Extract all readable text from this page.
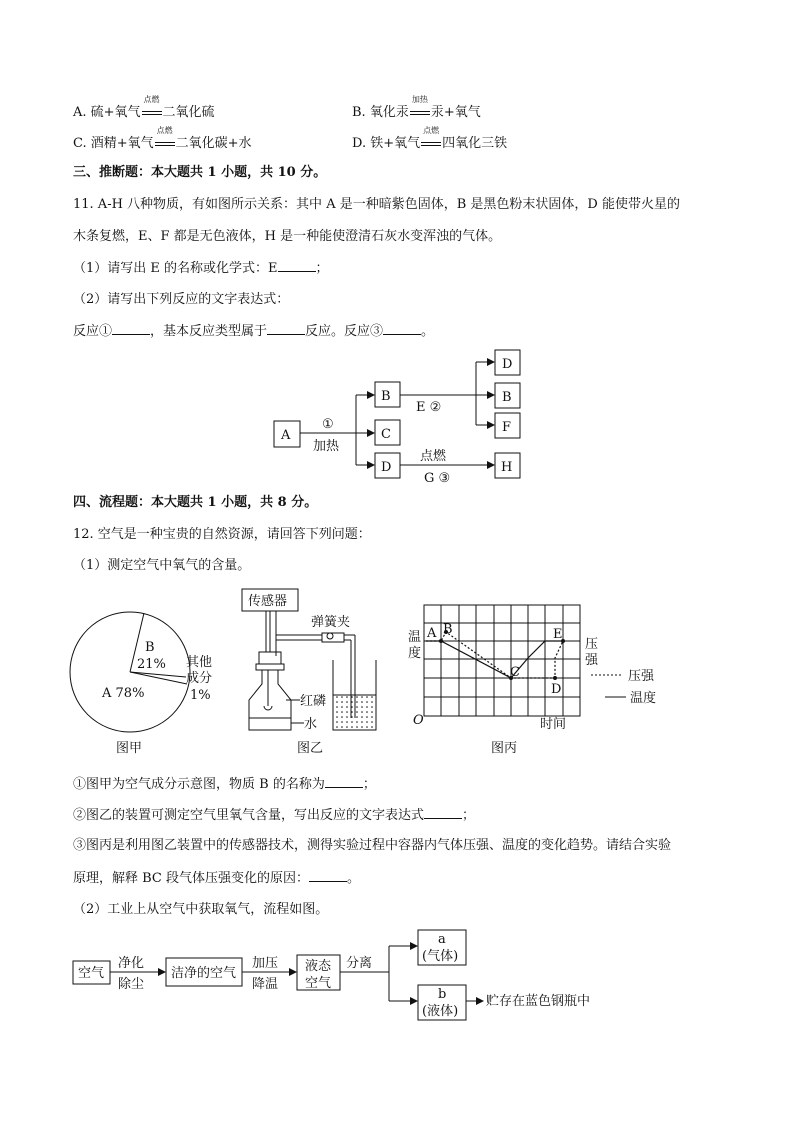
A. 硫+氧气
点燃
二氧化硫	B. 氧化汞
加热
汞+氧气
C. 酒精+氧气
点燃
二氧化碳+水	D. 铁+氧气
点燃
四氧化三铁
三、推断题：本大题共 1 小题，共 10 分。
11. A-H 八种物质，有如图所示关系：其中 A 是一种暗紫色固体，B 是黑色粉末状固体，D 能使带火星的
木条复燃，E、F 都是无色液体，H 是一种能使澄清石灰水变浑浊的气体。
（1）请写出 E 的名称或化学式：E	；
（2）请写出下列反应的文字表达式：
反应①	，基本反应类型属于	反应。反应③	。
A
B
C
D
D
B
F
H
①
加热
E ②
点燃
G ③
四、流程题：本大题共 1 小题，共 8 分。
12. 空气是一种宝贵的自然资源，请回答下列问题：
（1）测定空气中氧气的含量。
B
21%
A 78%
其他
成分
1%
图甲
传感器
弹簧夹
红磷
水
图乙
温
度
O	时间
A B
C
D
E
压
强
压强
温度
图丙
①图甲为空气成分示意图，物质 B 的名称为	；
②图乙的装置可测定空气里氧气含量，写出反应的文字表达式	；
③图丙是利用图乙装置中的传感器技术，测得实验过程中容器内气体压强、温度的变化趋势。请结合实验
原理，解释 BC 段气体压强变化的原因：	。
（2）工业上从空气中获取氧气，流程如图。
空气
净化
除尘
洁净的空气
加压
降温
液态
空气
分离
a
(气体)
b
(液体)
贮存在蓝色钢瓶中
